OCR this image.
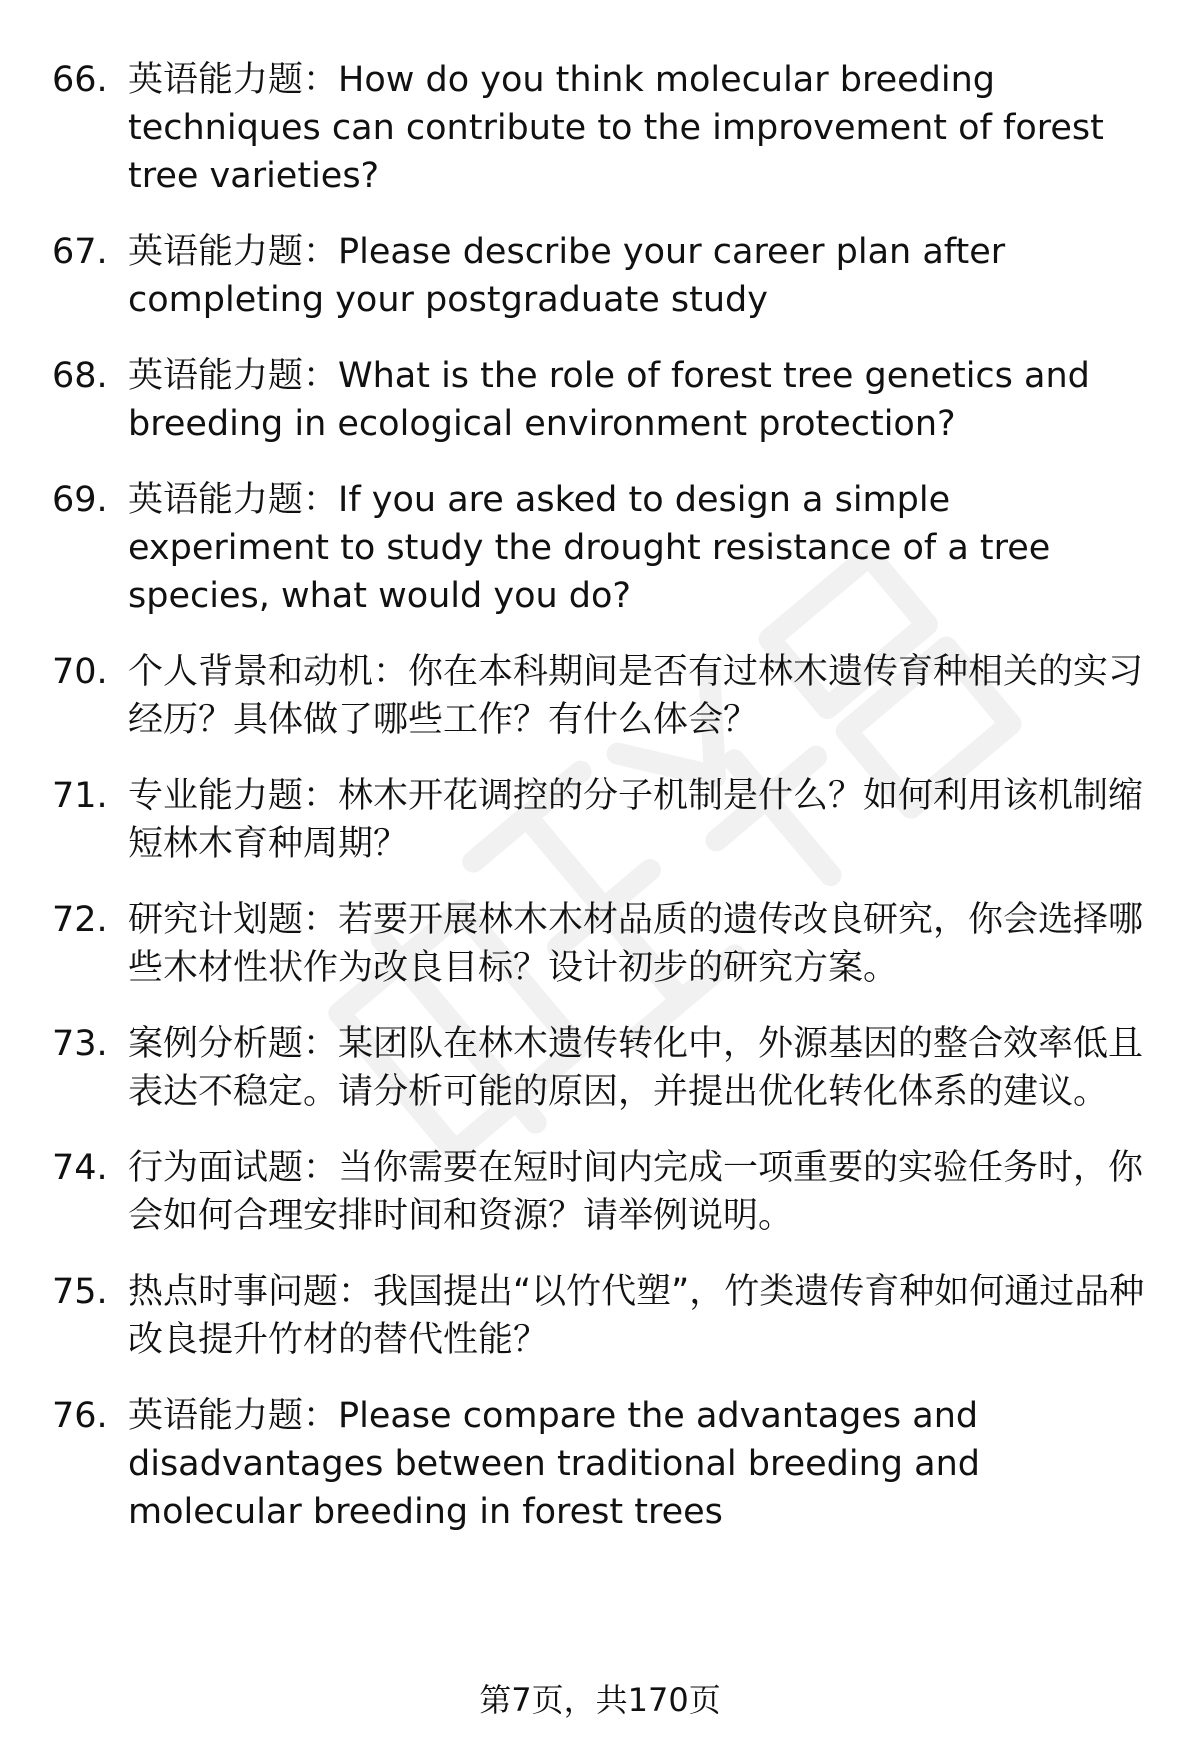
66. 英语能力题：How do you think molecular breeding techniques can contribute to the improvement of forest tree varieties?
67. 英语能力题：Please describe your career plan after completing your postgraduate study
68. 英语能力题：What is the role of forest tree genetics and breeding in ecological environment protection?
69. 英语能力题：If you are asked to design a simple experiment to study the drought resistance of a tree species, what would you do?
70. 个人背景和动机：你在本科期间是否有过林木遗传育种相关的实习经历？具体做了哪些工作？有什么体会？
71. 专业能力题：林木开花调控的分子机制是什么？如何利用该机制缩短林木育种周期？
72. 研究计划题：若要开展林木木材品质的遗传改良研究，你会选择哪些木材性状作为改良目标？设计初步的研究方案。
73. 案例分析题：某团队在林木遗传转化中，外源基因的整合效率低且表达不稳定。请分析可能的原因，并提出优化转化体系的建议。
74. 行为面试题：当你需要在短时间内完成一项重要的实验任务时，你会如何合理安排时间和资源？请举例说明。
75. 热点时事问题：我国提出“以竹代塑”，竹类遗传育种如何通过品种改良提升竹材的替代性能？
76. 英语能力题：Please compare the advantages and disadvantages between traditional breeding and molecular breeding in forest trees
第7页，共170页
